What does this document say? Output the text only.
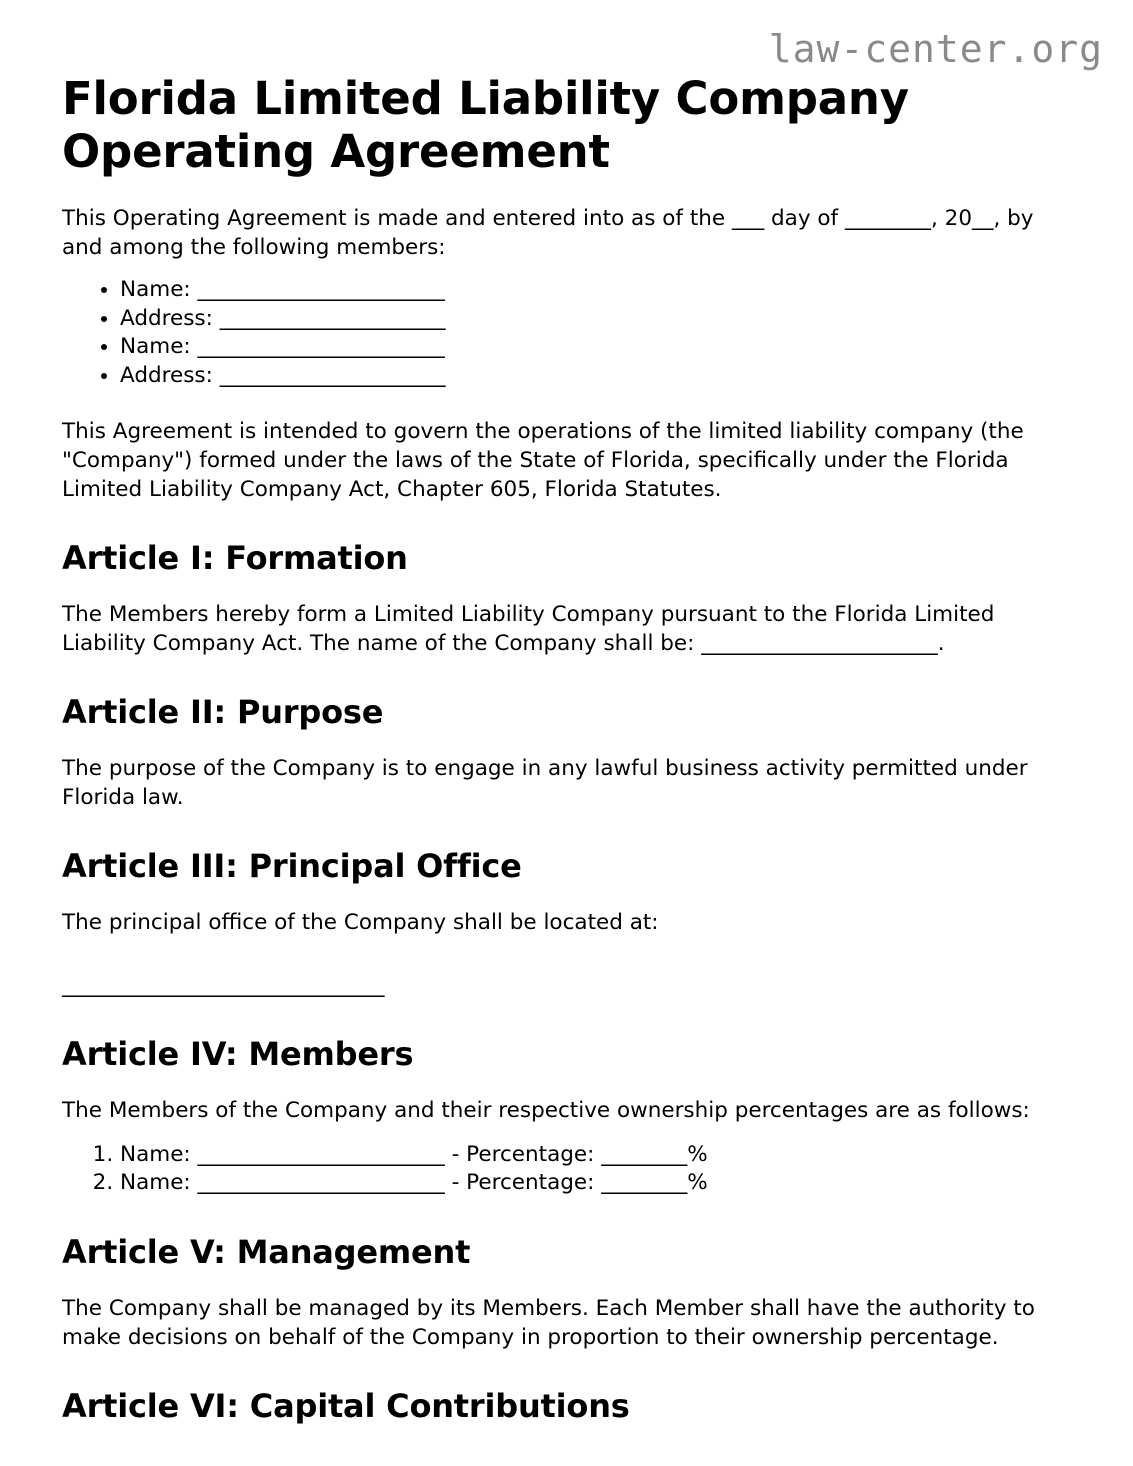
law-center.org
Florida Limited Liability Company Operating Agreement

This Operating Agreement is made and entered into as of the ___ day of ________, 20__, by and among the following members:

• Name: _______________________
• Address: _____________________
• Name: _______________________
• Address: _____________________

This Agreement is intended to govern the operations of the limited liability company (the "Company") formed under the laws of the State of Florida, specifically under the Florida Limited Liability Company Act, Chapter 605, Florida Statutes.

Article I: Formation

The Members hereby form a Limited Liability Company pursuant to the Florida Limited Liability Company Act. The name of the Company shall be: ______________________.

Article II: Purpose

The purpose of the Company is to engage in any lawful business activity permitted under Florida law.

Article III: Principal Office

The principal office of the Company shall be located at:

______________________________
Article IV: Members

The Members of the Company and their respective ownership percentages are as follows:

1. Name: _______________________ - Percentage: ________%
2. Name: _______________________ - Percentage: ________%
Article V: Management

The Company shall be managed by its Members. Each Member shall have the authority to make decisions on behalf of the Company in proportion to their ownership percentage.

Article VI: Capital Contributions
